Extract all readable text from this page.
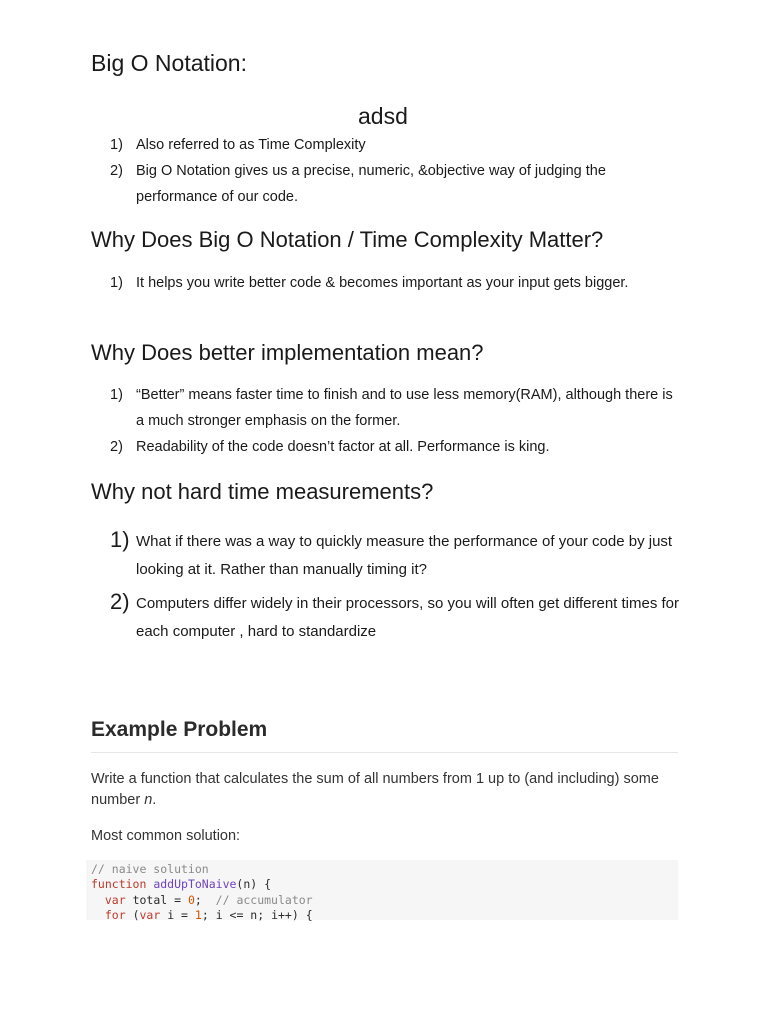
Big O Notation:
adsd
1) Also referred to as Time Complexity
2) Big O Notation gives us a precise, numeric, &objective way of judging the performance of our code.
Why Does Big O Notation / Time Complexity Matter?
1) It helps you write better code & becomes important as your input gets bigger.
Why Does better implementation mean?
1) “Better” means faster time to finish and to use less memory(RAM), although there is a much stronger emphasis on the former.
2) Readability of the code doesn’t factor at all. Performance is king.
Why not hard time measurements?
1) What if there was a way to quickly measure the performance of your code by just looking at it. Rather than manually timing it?
2) Computers differ widely in their processors, so you will often get different times for each computer , hard to standardize
Example Problem

Write a function that calculates the sum of all numbers from 1 up to (and including) some number n.

Most common solution:

// naive solution
function addUpToNaive(n) {
var total = 0;  // accumulator
for (var i = 1; i <= n; i++) {
